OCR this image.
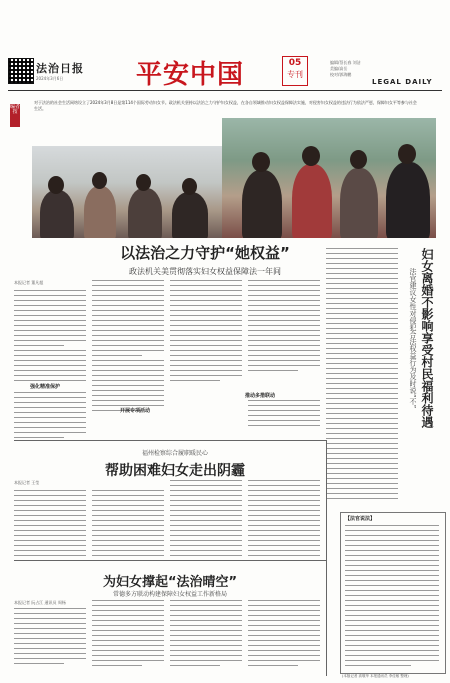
法治日报
2024年3月6日	平安中国	05
专刊
编辑/蔡长春 刘洁
美编/高岳
校对/郭海鹏
LEGAL DAILY
编者按
对于法治的社会生活网络设立了2024年3月8日是第114个国际劳动妇女节。政法机关坚持以法治之力守护妇女权益，在各自领域推动妇女权益保障法实施，对侵害妇女权益的违法行为依法严惩，保障妇女平等参与社会生活。
以法治之力守护“她权益”
政法机关美贯彻落实妇女权益保障法一年间
本报记者 董凡超
强化精准保护
开展专项活动
推动多措联动	妇女离婚不影响享受村民福利待遇
法官建议女性对侵犯合法权益行为及时说“不”
福州检察综合履职暖民心
帮助困难妇女走出阴霾
本报记者 王莹
为妇女撑起“法治晴空”
常德多方联动构建保障妇女权益工作新格局
本报记者 阮占江 通讯员 周杨
【法官说法】
(本版记者 高敬华 本报通讯员 李佳敏 整理)
